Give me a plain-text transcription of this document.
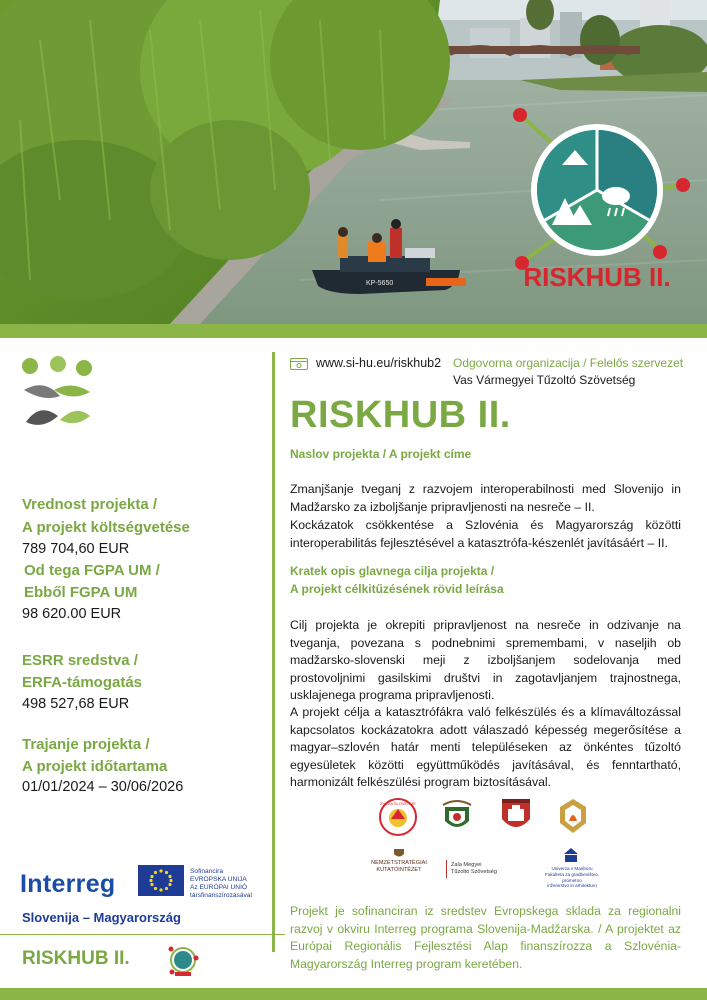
KP-5650	RISKHUB II.
Vrednost projekta /
A projekt költségvetése
789 704,60 EUR
Od tega FGPA UM /
Ebből FGPA UM
98 620.00 EUR
ESRR sredstva /
ERFA-támogatás
498 527,68 EUR
Trajanje projekta /
A projekt időtartama
01/01/2024 – 30/06/2026
Interreg	Sofinancira
EVROPSKA UNIJA
Az EURÓPAI UNIÓ
társfinanszírozásával
Slovenija – Magyarország
RISKHUB II.
www.si-hu.eu/riskhub2 Odgovorna organizacija / Felelős szervezet
Vas Vármegyei Tűzoltó Szövetség
RISKHUB II.
Naslov projekta / A projekt címe
Zmanjšanje tveganj z razvojem interoperabilnosti med Slovenijo in Madžarsko za izboljšanje pripravljenosti na nesreče – II.
Kockázatok csökkentése a Szlovénia és Magyarország közötti interoperabilitás fejlesztésével a katasztrófa-készenlét javításáért – II.
Kratek opis glavnega cilja projekta /
A projekt célkitűzésének rövid leírása
Cilj projekta je okrepiti pripravljenost na nesreče in odzivanje na tveganja, povezana s podnebnimi spremembami, v naseljih ob madžarsko-slovenski meji z izboljšanjem sodelovanja med prostovoljnimi gasilskimi društvi in zagotavljanjem trajnostnega, usklajenega programa pripravljenosti.
A projekt célja a katasztrófákra való felkészülés és a klímaváltozással kapcsolatos kockázatokra adott válaszadó képesség megerősítése a magyar–szlovén határ menti településeken az önkéntes tűzoltó egyesületek közötti együttműködés javításával, és fenntartható, harmonizált felkészülési program biztosításával.
ZVEZA SLOVENIJE
NEMZETSTRATÉGIAI
KUTATÓINTÉZET
Zala Megyei
Tűzoltó Szövetség
Univerza v Mariboru
Fakulteta za gradbeništvo, prometno
inženirstvo in arhitekturo
Projekt je sofinanciran iz sredstev Evropskega sklada za regionalni razvoj v okviru Interreg programa Slovenija-Madžarska. / A projektet az Európai Regionális Fejlesztési Alap finanszírozza a Szlovénia-Magyarország Interreg program keretében.
